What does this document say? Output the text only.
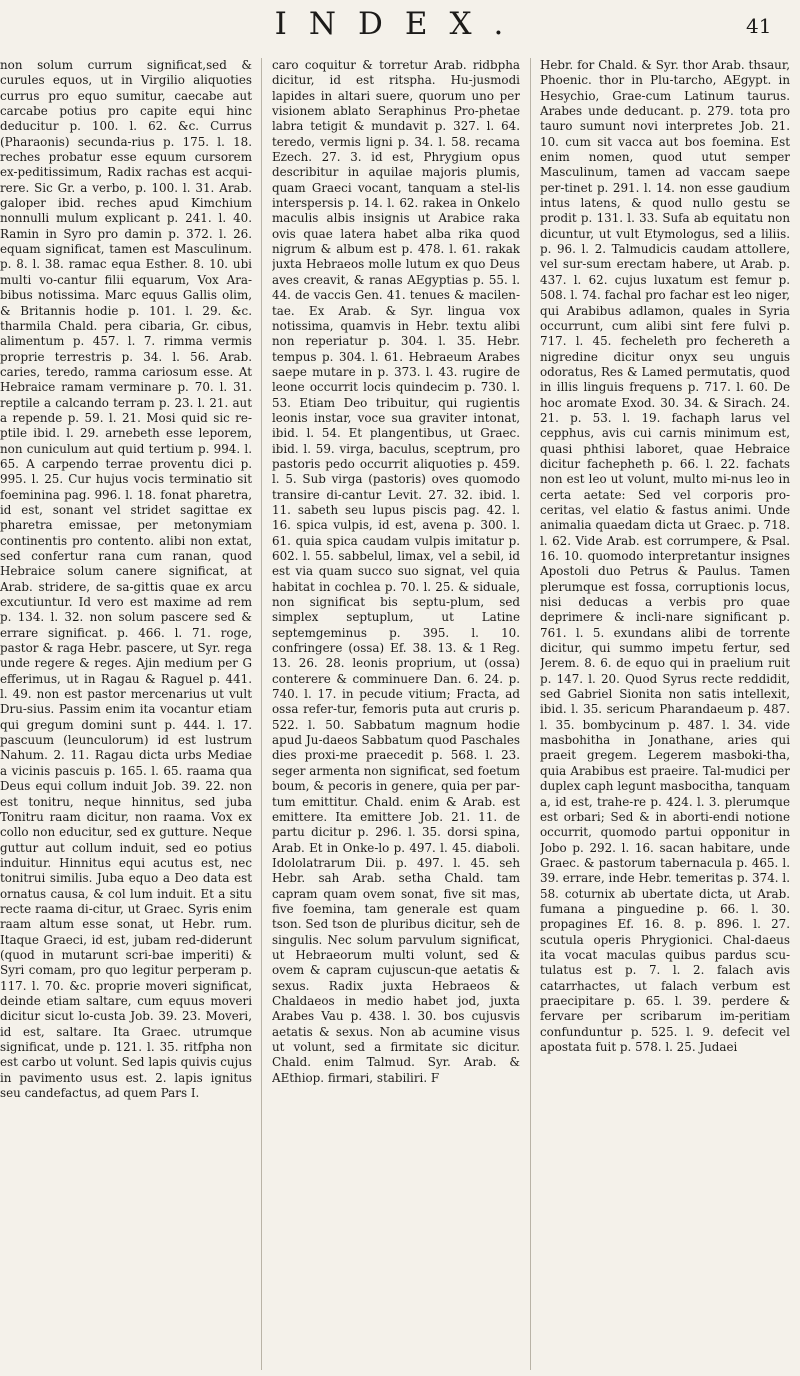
INDEX.	41

non solum currum significat,sed & curules equos, ut in Virgilio aliquoties currus pro equo sumitur, caecabe aut carcabe potius pro capite equi hinc deducitur p. 100. l. 62. &c. Currus (Pharaonis) secunda-rius p. 175. l. 18. reches probatur esse equum cursorem ex-peditissimum, Radix rachas est acqui-rere. Sic Gr. a verbo, p. 100. l. 31. Arab. galoper ibid. reches apud Kimchium nonnulli mulum explicant p. 241. l. 40. Ramin in Syro pro damin p. 372. l. 26. equam significat, tamen est Masculinum. p. 8. l. 38. ramac equa Esther. 8. 10. ubi multi vo-cantur filii equarum, Vox Ara-bibus notissima. Marc equus Gallis olim, & Britannis hodie p. 101. l. 29. &c. tharmila Chald. pera cibaria, Gr. cibus, alimentum p. 457. l. 7. rimma vermis proprie terrestris p. 34. l. 56. Arab. caries, teredo, ramma cariosum esse. At Hebraice ramam verminare p. 70. l. 31. reptile a calcando terram p. 23. l. 21. aut a repende p. 59. l. 21. Mosi quid sic re-ptile ibid. l. 29. arnebeth esse leporem, non cuniculum aut quid tertium p. 994. l. 65. A carpendo terrae proventu dici p. 995. l. 25. Cur hujus vocis terminatio sit foeminina pag. 996. l. 18. fonat pharetra, id est, sonant vel stridet sagittae ex pharetra emissae, per metonymiam continentis pro contento. alibi non extat, sed confertur rana cum ranan, quod Hebraice solum canere significat, at Arab. stridere, de sa-gittis quae ex arcu excutiuntur. Id vero est maxime ad rem p. 134. l. 32. non solum pascere sed & errare significat. p. 466. l. 71. roge, pastor & raga Hebr. pascere, ut Syr. rega unde regere & reges. Ajin medium per G efferimus, ut in Ragau & Raguel p. 441. l. 49. non est pastor mercenarius ut vult Dru-sius. Passim enim ita vocantur etiam qui gregum domini sunt p. 444. l. 17. pascuum (leunculorum) id est lustrum Nahum. 2. 11. Ragau dicta urbs Mediae a vicinis pascuis p. 165. l. 65. raama qua Deus equi collum induit Job. 39. 22. non est tonitru, neque hinnitus, sed juba Tonitru raam dicitur, non raama. Vox ex collo non educitur, sed ex gutture. Neque guttur aut collum induit, sed eo potius induitur. Hinnitus equi acutus est, nec tonitrui similis. Juba equo a Deo data est ornatus causa, & col lum induit. Et a situ recte raama di-citur, ut Graec. Syris enim raam altum esse sonat, ut Hebr. rum. Itaque Graeci, id est, jubam red-diderunt (quod in mutarunt scri-bae imperiti) & Syri comam, pro quo legitur perperam p. 117. l. 70. &c. proprie moveri significat, deinde etiam saltare, cum equus moveri dicitur sicut lo-custa Job. 39. 23. Moveri, id est, saltare. Ita Graec. utrumque significat, unde p. 121. l. 35. ritfpha non est carbo ut volunt. Sed lapis quivis cujus in pavimento usus est. 2. lapis ignitus seu candefactus, ad quem Pars I.

caro coquitur & torretur Arab. ridbpha dicitur, id est ritspha. Hu-jusmodi lapides in altari suere, quorum uno per visionem ablato Seraphinus Pro-phetae labra tetigit & mundavit p. 327. l. 64. teredo, vermis ligni p. 34. l. 58. recama Ezech. 27. 3. id est, Phrygium opus describitur in aquilae majoris plumis, quam Graeci vocant, tanquam a stel-lis interspersis p. 14. l. 62. rakea in Onkelo maculis albis insignis ut Arabice raka ovis quae latera habet alba rika quod nigrum & album est p. 478. l. 61. rakak juxta Hebraeos molle lutum ex quo Deus aves creavit, & ranas AEgyptias p. 55. l. 44. de vaccis Gen. 41. tenues & macilen-tae. Ex Arab. & Syr. lingua vox notissima, quamvis in Hebr. textu alibi non reperiatur p. 304. l. 35. Hebr. tempus p. 304. l. 61. Hebraeum Arabes saepe mutare in p. 373. l. 43. rugire de leone occurrit locis quindecim p. 730. l. 53. Etiam Deo tribuitur, qui rugientis leonis instar, voce sua graviter intonat, ibid. l. 54. Et plangentibus, ut Graec. ibid. l. 59. virga, baculus, sceptrum, pro pastoris pedo occurrit aliquoties p. 459. l. 5. Sub virga (pastoris) oves quomodo transire di-cantur Levit. 27. 32. ibid. l. 11. sabeth seu lupus piscis pag. 42. l. 16. spica vulpis, id est, avena p. 300. l. 61. quia spica caudam vulpis imitatur p. 602. l. 55. sabbelul, limax, vel a sebil, id est via quam succo suo signat, vel quia habitat in cochlea p. 70. l. 25. & siduale, non significat bis septu-plum, sed simplex septuplum, ut Latine septemgeminus p. 395. l. 10. confringere (ossa) Ef. 38. 13. & 1 Reg. 13. 26. 28. leonis proprium, ut (ossa) conterere & comminuere Dan. 6. 24. p. 740. l. 17. in pecude vitium; Fracta, ad ossa refer-tur, femoris puta aut cruris p. 522. l. 50. Sabbatum magnum hodie apud Ju-daeos Sabbatum quod Paschales dies proxi-me praecedit p. 568. l. 23. seger armenta non significat, sed foetum boum, & pecoris in genere, quia per par-tum emittitur. Chald. enim & Arab. est emittere. Ita emittere Job. 21. 11. de partu dicitur p. 296. l. 35. dorsi spina, Arab. Et in Onke-lo p. 497. l. 45. diaboli. Idololatrarum Dii. p. 497. l. 45. seh Hebr. sah Arab. setha Chald. tam capram quam ovem sonat, five sit mas, five foemina, tam generale est quam tson. Sed tson de pluribus dicitur, seh de singulis. Nec solum parvulum significat, ut Hebraeorum multi volunt, sed & ovem & capram cujuscun-que aetatis & sexus. Radix juxta Hebraeos & Chaldaeos in medio habet jod, juxta Arabes Vau p. 438. l. 30. bos cujusvis aetatis & sexus. Non ab acumine visus ut volunt, sed a firmitate sic dicitur. Chald. enim Talmud. Syr. Arab. & AEthiop. firmari, stabiliri. F

Hebr. for Chald. & Syr. thor Arab. thsaur, Phoenic. thor in Plu-tarcho, AEgypt. in Hesychio, Grae-cum Latinum taurus. Arabes unde deducant. p. 279. tota pro tauro sumunt novi interpretes Job. 21. 10. cum sit vacca aut bos foemina. Est enim nomen, quod utut semper Masculinum, tamen ad vaccam saepe per-tinet p. 291. l. 14. non esse gaudium intus latens, & quod nullo gestu se prodit p. 131. l. 33. Sufa ab equitatu non dicuntur, ut vult Etymologus, sed a liliis. p. 96. l. 2. Talmudicis caudam attollere, vel sur-sum erectam habere, ut Arab. p. 437. l. 62. cujus luxatum est femur p. 508. l. 74. fachal pro fachar est leo niger, qui Arabibus adlamon, quales in Syria occurrunt, cum alibi sint fere fulvi p. 717. l. 45. fecheleth pro fechereth a nigredine dicitur onyx seu unguis odoratus, Res & Lamed permutatis, quod in illis linguis frequens p. 717. l. 60. De hoc aromate Exod. 30. 34. & Sirach. 24. 21. p. 53. l. 19. fachaph larus vel cepphus, avis cui carnis minimum est, quasi phthisi laboret, quae Hebraice dicitur fachepheth p. 66. l. 22. fachats non est leo ut volunt, multo mi-nus leo in certa aetate: Sed vel corporis pro-ceritas, vel elatio & fastus animi. Unde animalia quaedam dicta ut Graec. p. 718. l. 62. Vide Arab. est corrumpere, & Psal. 16. 10. quomodo interpretantur insignes Apostoli duo Petrus & Paulus. Tamen plerumque est fossa, corruptionis locus, nisi deducas a verbis pro quae deprimere & incli-nare significant p. 761. l. 5. exundans alibi de torrente dicitur, qui summo impetu fertur, sed Jerem. 8. 6. de equo qui in praelium ruit p. 147. l. 20. Quod Syrus recte reddidit, sed Gabriel Sionita non satis intellexit, ibid. l. 35. sericum Pharandaeum p. 487. l. 35. bombycinum p. 487. l. 34. vide masbohitha in Jonathane, aries qui praeit gregem. Legerem masboki-tha, quia Arabibus est praeire. Tal-mudici per duplex caph legunt masbocitha, tanquam a, id est, trahe-re p. 424. l. 3. plerumque est orbari; Sed & in aborti-endi notione occurrit, quomodo partui opponitur in Jobo p. 292. l. 16. sacan habitare, unde Graec. & pastorum tabernacula p. 465. l. 39. errare, inde Hebr. temeritas p. 374. l. 58. coturnix ab ubertate dicta, ut Arab. fumana a pinguedine p. 66. l. 30. propagines Ef. 16. 8. p. 896. l. 27. scutula operis Phrygionici. Chal-daeus ita vocat maculas quibus pardus scu-tulatus est p. 7. l. 2. falach avis catarrhactes, ut falach verbum est praecipitare p. 65. l. 39. perdere & fervare per scribarum im-peritiam confunduntur p. 525. l. 9. defecit vel apostata fuit p. 578. l. 25. Judaei
